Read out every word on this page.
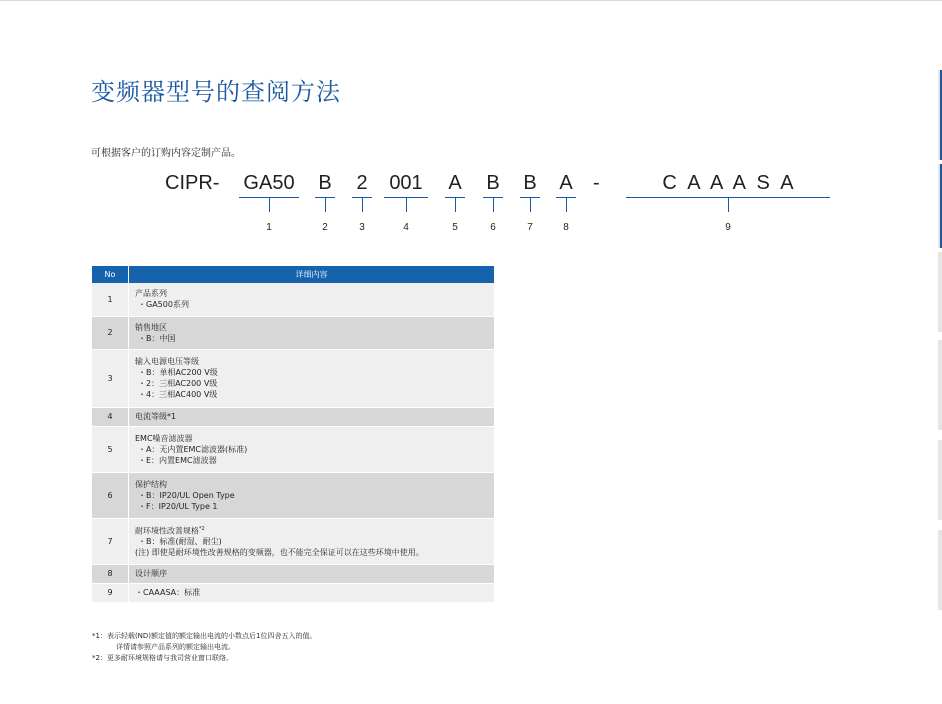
变频器型号的查阅方法
可根据客户的订购内容定制产品。
CIPR- GA50 B 2 001 A B B A -	C A A A S A
1	2	3	4	5	6	7	8	9
No	详细内容
1	产品系列
・GA500系列

2	销售地区
・B：中国

3	输入电源电压等级
・B：单相AC200 V级
・2：三相AC200 V级
・4：三相AC400 V级

4	电流等级*1

5	EMC噪音滤波器
・A：无内置EMC滤波器(标准)
・E：内置EMC滤波器

6	保护结构
・B：IP20/UL Open Type
・F：IP20/UL Type 1

7	耐环境性改善规格$^{*2}$
・B：标准(耐湿、耐尘)
(注) 即使是耐环境性改善规格的变频器，也不能完全保证可以在这些环境中使用。

8	设计顺序

9	・CAAASA：标准
*1：表示轻载(ND)额定值的额定输出电流的小数点后1位四舍五入的值。
详情请参照产品系列的额定输出电流。
*2：更多耐环境规格请与我司营业窗口联络。
